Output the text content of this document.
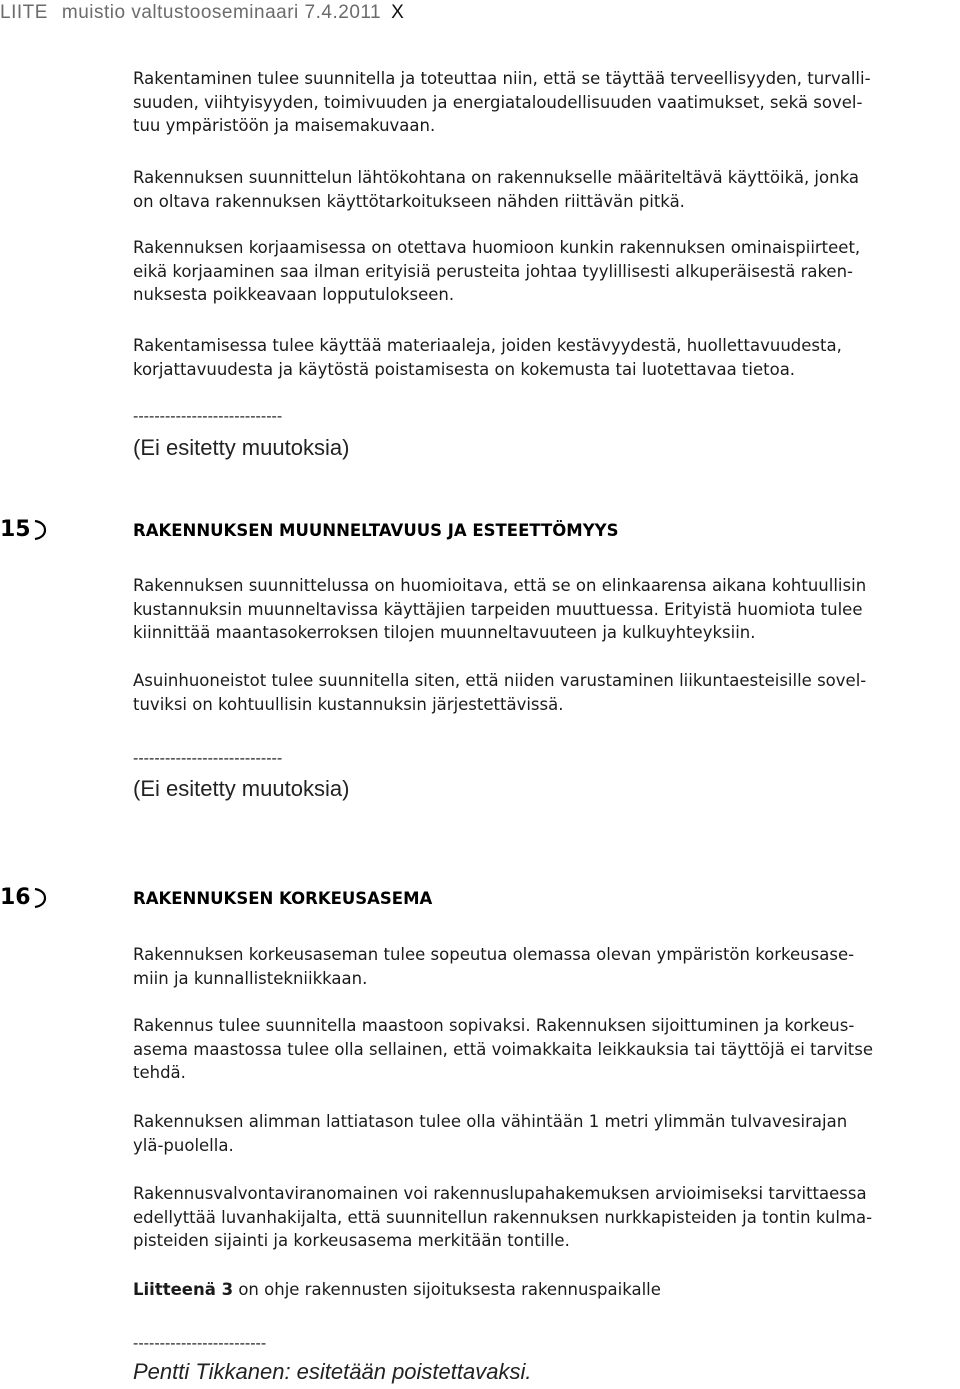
LIITE muistio valtustooseminaari 7.4.2011 X

Rakentaminen tulee suunnitella ja toteuttaa niin, että se täyttää terveellisyyden, turvalli-
suuden, viihtyisyyden, toimivuuden ja energiataloudellisuuden vaatimukset, sekä sovel-
tuu ympäristöön ja maisemakuvaan.

Rakennuksen suunnittelun lähtökohtana on rakennukselle määriteltävä käyttöikä, jonka
on oltava rakennuksen käyttötarkoitukseen nähden riittävän pitkä.

Rakennuksen korjaamisessa on otettava huomioon kunkin rakennuksen ominaispiirteet,
eikä korjaaminen saa ilman erityisiä perusteita johtaa tyylillisesti alkuperäisestä raken-
nuksesta poikkeavaan lopputulokseen.

Rakentamisessa tulee käyttää materiaaleja, joiden kestävyydestä, huollettavuudesta,
korjattavuudesta ja käytöstä poistamisesta on kokemusta tai luotettavaa tietoa.

----------------------------

(Ei esitetty muutoksia)

15	RAKENNUKSEN MUUNNELTAVUUS JA ESTEETTÖMYYS

Rakennuksen suunnittelussa on huomioitava, että se on elinkaarensa aikana kohtuullisin
kustannuksin muunneltavissa käyttäjien tarpeiden muuttuessa. Erityistä huomiota tulee
kiinnittää maantasokerroksen tilojen muunneltavuuteen ja kulkuyhteyksiin.

Asuinhuoneistot tulee suunnitella siten, että niiden varustaminen liikuntaesteisille sovel-
tuviksi on kohtuullisin kustannuksin järjestettävissä.

----------------------------

(Ei esitetty muutoksia)

16	RAKENNUKSEN KORKEUSASEMA

Rakennuksen korkeusaseman tulee sopeutua olemassa olevan ympäristön korkeusase-
miin ja kunnallistekniikkaan.

Rakennus tulee suunnitella maastoon sopivaksi. Rakennuksen sijoittuminen ja korkeus-
asema maastossa tulee olla sellainen, että voimakkaita leikkauksia tai täyttöjä ei tarvitse
tehdä.

Rakennuksen alimman lattiatason tulee olla vähintään 1 metri ylimmän tulvavesirajan
ylä-puolella.

Rakennusvalvontaviranomainen voi rakennuslupahakemuksen arvioimiseksi tarvittaessa
edellyttää luvanhakijalta, että suunnitellun rakennuksen nurkkapisteiden ja tontin kulma-
pisteiden sijainti ja korkeusasema merkitään tontille.

Liitteenä 3 on ohje rakennusten sijoituksesta rakennuspaikalle

-------------------------

Pentti Tikkanen: esitetään poistettavaksi.
